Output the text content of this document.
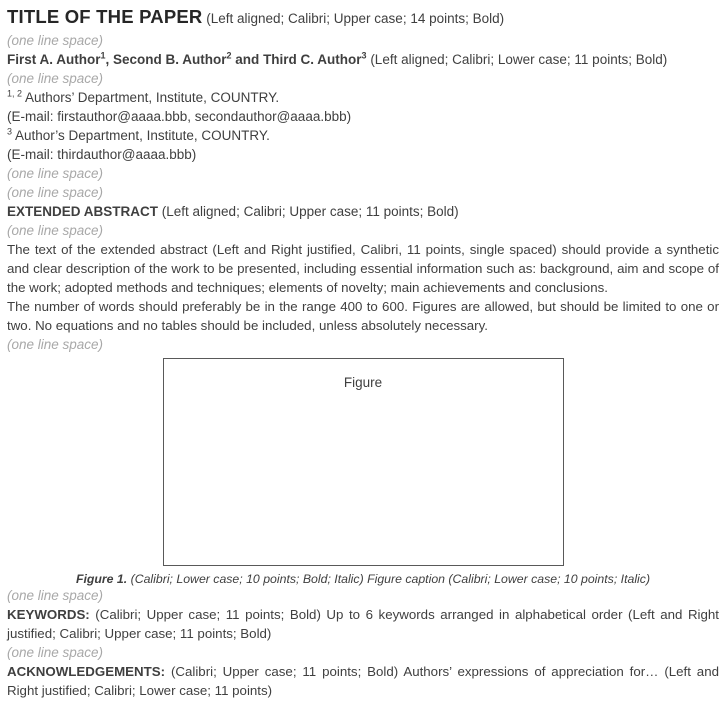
TITLE OF THE PAPER (Left aligned; Calibri; Upper case; 14 points; Bold)
(one line space)
First A. Author$^1$, Second B. Author$^2$ and Third C. Author$^3$ (Left aligned; Calibri; Lower case; 11 points; Bold)
(one line space)
$^{1, 2}$ Authors’ Department, Institute, COUNTRY.
(E-mail: firstauthor@aaaa.bbb, secondauthor@aaaa.bbb)
$^3$ Author’s Department, Institute, COUNTRY.
(E-mail: thirdauthor@aaaa.bbb)
(one line space)
(one line space)
EXTENDED ABSTRACT (Left aligned; Calibri; Upper case; 11 points; Bold)
(one line space)

The text of the extended abstract (Left and Right justified, Calibri, 11 points, single spaced) should provide a synthetic and clear description of the work to be presented, including essential information such as: background, aim and scope of the work; adopted methods and techniques; elements of novelty; main achievements and conclusions.

The number of words should preferably be in the range 400 to 600. Figures are allowed, but should be limited to one or two. No equations and no tables should be included, unless absolutely necessary.

(one line space)
Figure
Figure 1. (Calibri; Lower case; 10 points; Bold; Italic) Figure caption (Calibri; Lower case; 10 points; Italic)
(one line space)

KEYWORDS: (Calibri; Upper case; 11 points; Bold) Up to 6 keywords arranged in alphabetical order (Left and Right justified; Calibri; Upper case; 11 points; Bold)

(one line space)

ACKNOWLEDGEMENTS: (Calibri; Upper case; 11 points; Bold) Authors’ expressions of appreciation for… (Left and Right justified; Calibri; Lower case; 11 points)
